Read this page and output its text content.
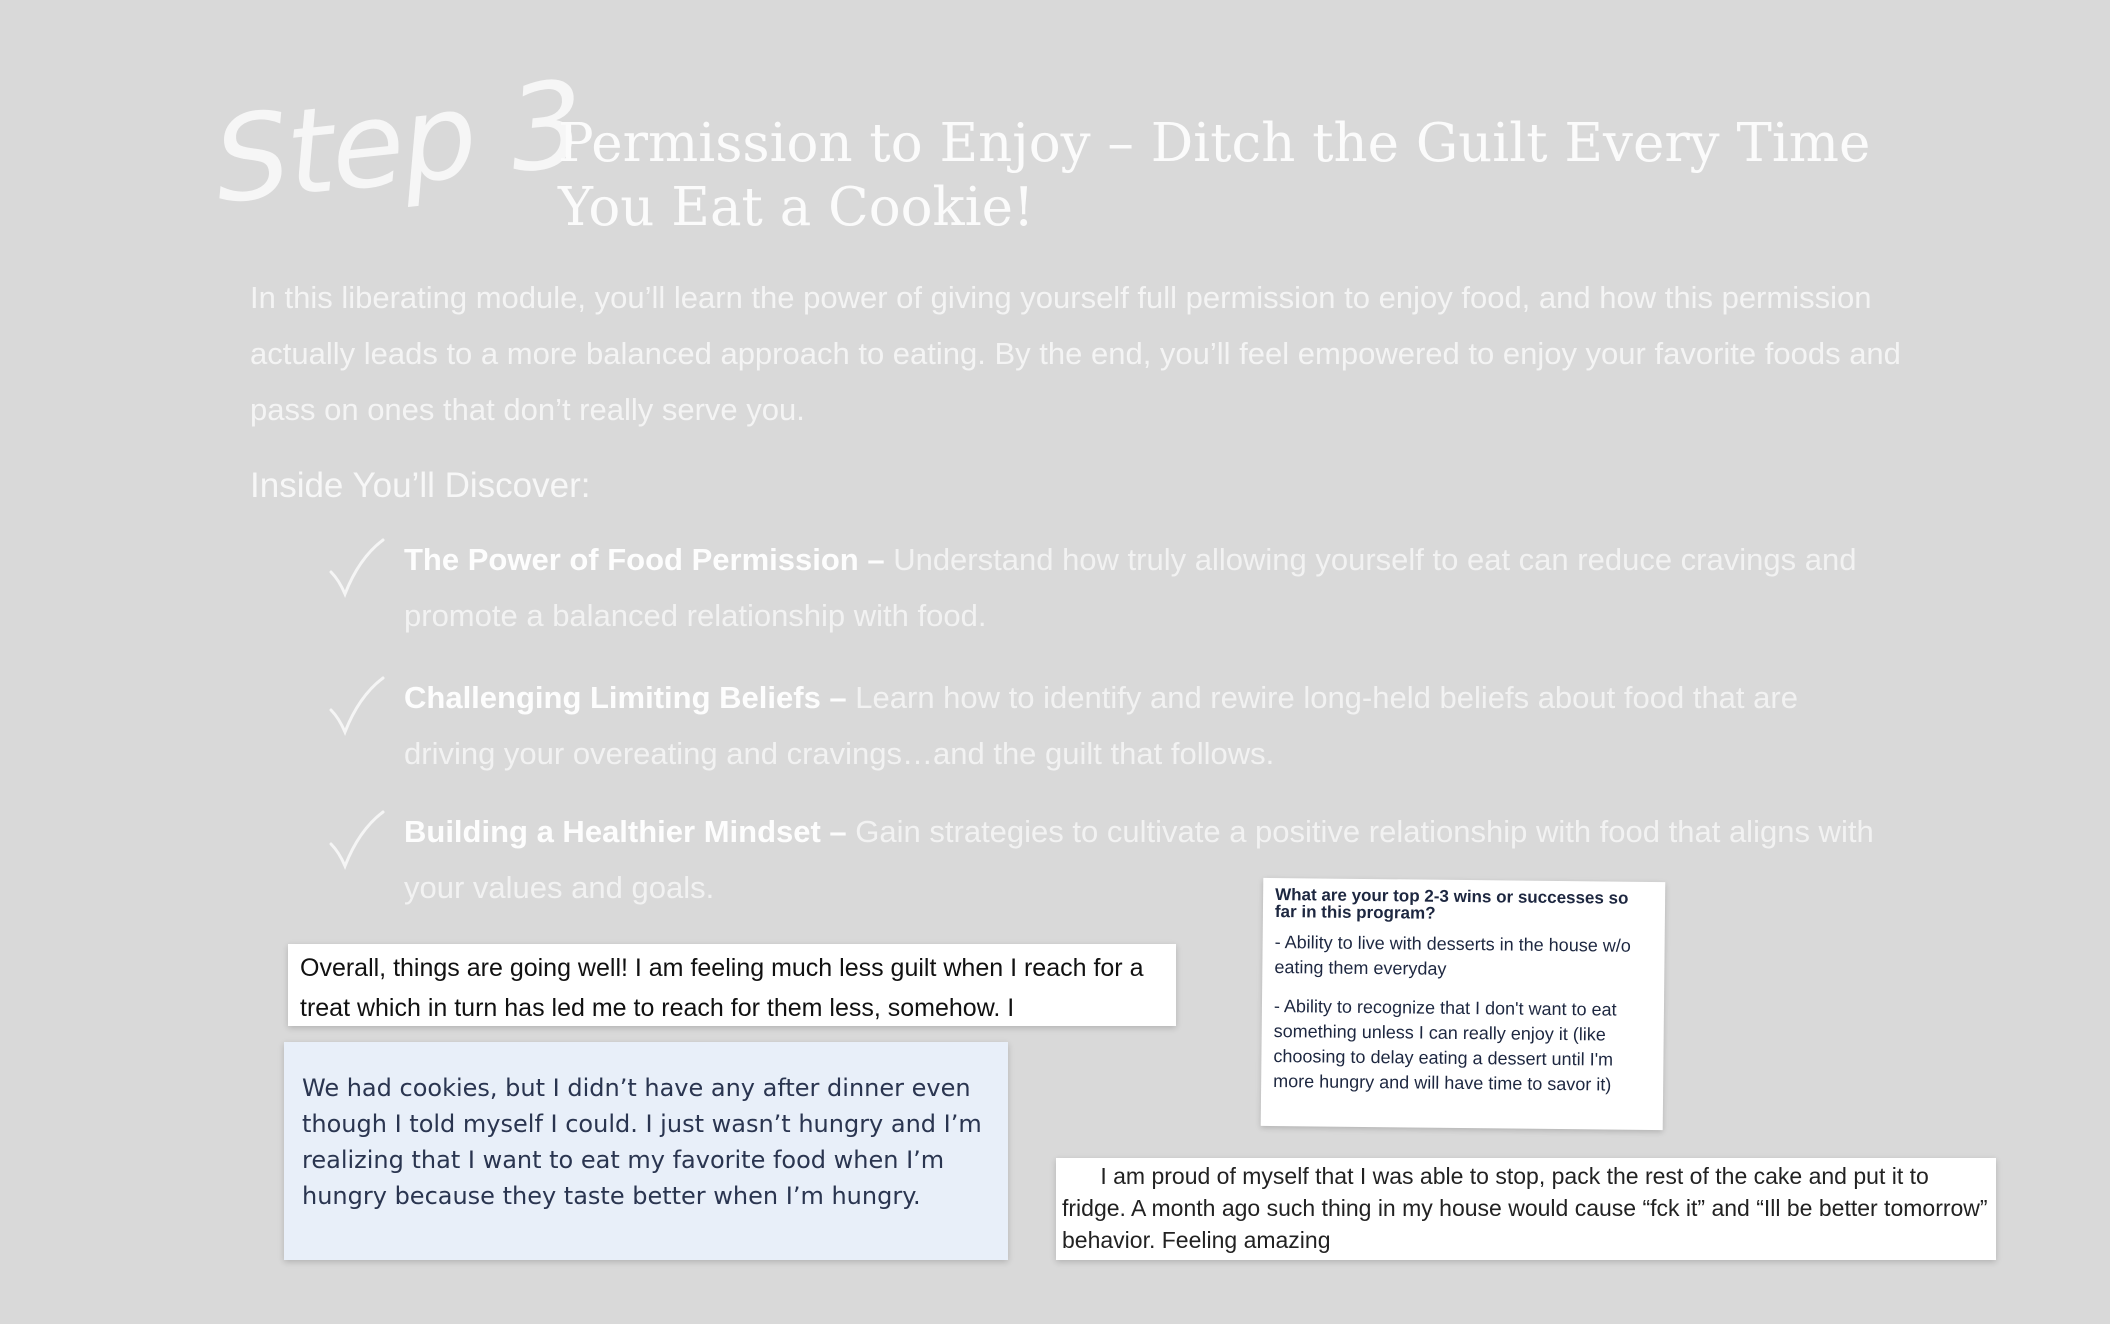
Step 3
Permission to Enjoy – Ditch the Guilt Every Time You Eat a Cookie!

In this liberating module, you’ll learn the power of giving yourself full permission to enjoy food, and how this permission actually leads to a more balanced approach to eating. By the end, you’ll feel empowered to enjoy your favorite foods and pass on ones that don’t really serve you.

Inside You’ll Discover:
The Power of Food Permission – Understand how truly allowing yourself to eat can reduce cravings and promote a balanced relationship with food.
Challenging Limiting Beliefs – Learn how to identify and rewire long-held beliefs about food that are driving your overeating and cravings…and the guilt that follows.
Building a Healthier Mindset – Gain strategies to cultivate a positive relationship with food that aligns with your values and goals.
Overall, things are going well! I am feeling much less guilt when I reach for a treat which in turn has led me to reach for them less, somehow. I
We had cookies, but I didn’t have any after dinner even though I told myself I could. I just wasn’t hungry and I’m realizing that I want to eat my favorite food when I’m hungry because they taste better when I’m hungry.
What are your top 2-3 wins or successes so far in this program?
- Ability to live with desserts in the house w/o eating them everyday
- Ability to recognize that I don't want to eat something unless I can really enjoy it (like choosing to delay eating a dessert until I'm more hungry and will have time to savor it)
I am proud of myself that I was able to stop, pack the rest of the cake and put it to fridge. A month ago such thing in my house would cause “fck it” and “Ill be better tomorrow” behavior. Feeling amazing
